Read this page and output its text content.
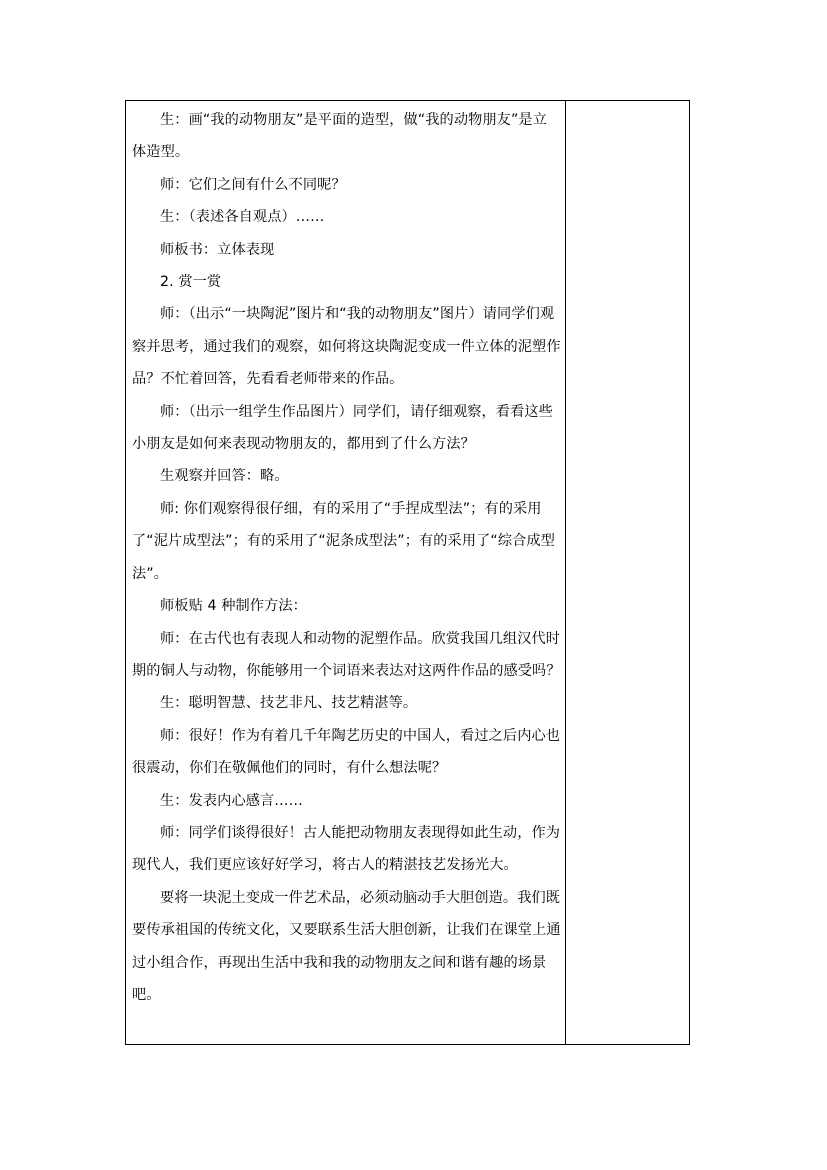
生：画“我的动物朋友”是平面的造型，做“我的动物朋友”是立体造型。

师：它们之间有什么不同呢？

生：（表述各自观点）……

师板书：立体表现

2. 赏一赏

师：（出示“一块陶泥”图片和“我的动物朋友”图片）请同学们观察并思考，通过我们的观察，如何将这块陶泥变成一件立体的泥塑作品？不忙着回答，先看看老师带来的作品。

师：（出示一组学生作品图片）同学们，请仔细观察，看看这些小朋友是如何来表现动物朋友的，都用到了什么方法？

生观察并回答：略。

师: 你们观察得很仔细，有的采用了“手捏成型法”；有的采用了“泥片成型法”；有的采用了“泥条成型法”；有的采用了“综合成型法”。

师板贴 4 种制作方法：

师：在古代也有表现人和动物的泥塑作品。欣赏我国几组汉代时期的铜人与动物，你能够用一个词语来表达对这两件作品的感受吗？

生：聪明智慧、技艺非凡、技艺精湛等。

师：很好！作为有着几千年陶艺历史的中国人，看过之后内心也很震动，你们在敬佩他们的同时，有什么想法呢？

生：发表内心感言……

师：同学们谈得很好！古人能把动物朋友表现得如此生动，作为现代人，我们更应该好好学习，将古人的精湛技艺发扬光大。

要将一块泥土变成一件艺术品，必须动脑动手大胆创造。我们既要传承祖国的传统文化，又要联系生活大胆创新，让我们在课堂上通过小组合作，再现出生活中我和我的动物朋友之间和谐有趣的场景吧。
